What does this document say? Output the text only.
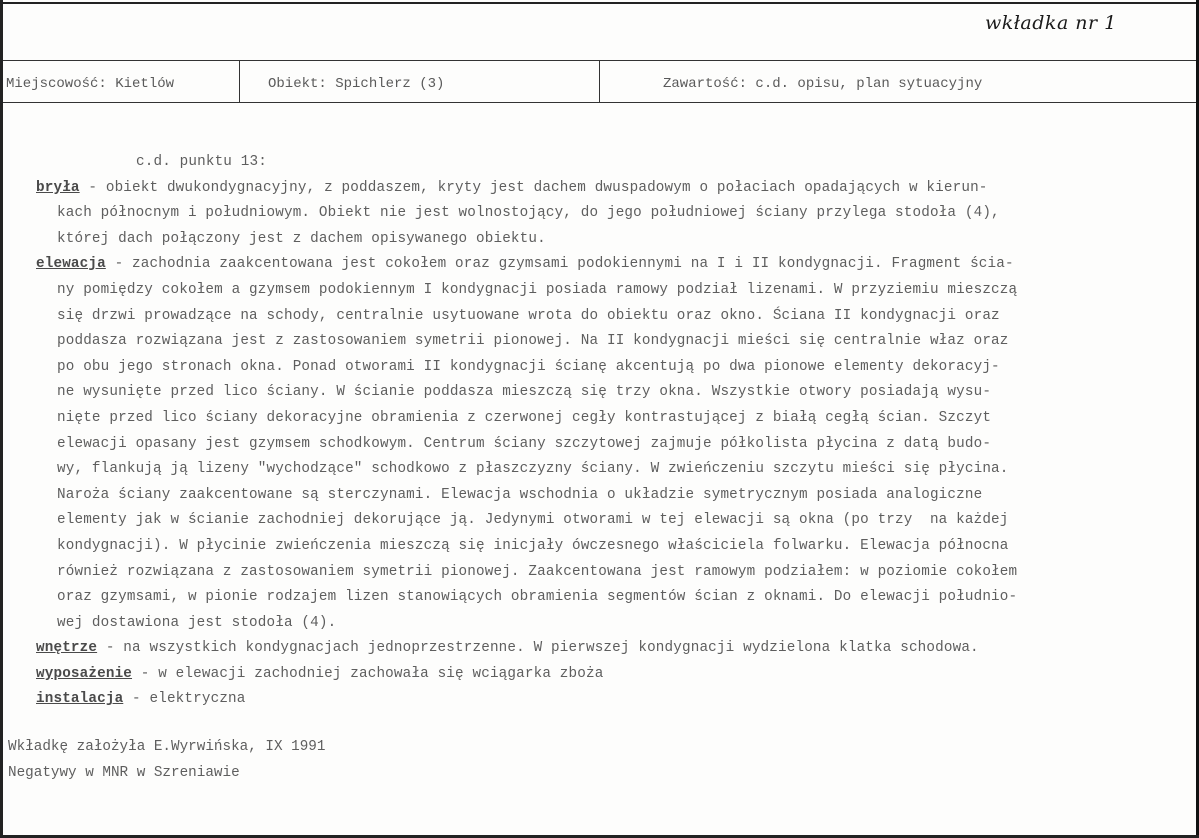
wkładka nr 1
Miejscowość: Kietlów	Obiekt: Spichlerz (3)	Zawartość: c.d. opisu, plan sytuacyjny
c.d. punktu 13:
bryła - obiekt dwukondygnacyjny, z poddaszem, kryty jest dachem dwuspadowym o połaciach opadających w kierun-
kach północnym i południowym. Obiekt nie jest wolnostojący, do jego południowej ściany przylega stodoła (4),
której dach połączony jest z dachem opisywanego obiektu.
elewacja - zachodnia zaakcentowana jest cokołem oraz gzymsami podokiennymi na I i II kondygnacji. Fragment ścia-
ny pomiędzy cokołem a gzymsem podokiennym I kondygnacji posiada ramowy podział lizenami. W przyziemiu mieszczą
się drzwi prowadzące na schody, centralnie usytuowane wrota do obiektu oraz okno. Ściana II kondygnacji oraz
poddasza rozwiązana jest z zastosowaniem symetrii pionowej. Na II kondygnacji mieści się centralnie właz oraz
po obu jego stronach okna. Ponad otworami II kondygnacji ścianę akcentują po dwa pionowe elementy dekoracyj-
ne wysunięte przed lico ściany. W ścianie poddasza mieszczą się trzy okna. Wszystkie otwory posiadają wysu-
nięte przed lico ściany dekoracyjne obramienia z czerwonej cegły kontrastującej z białą cegłą ścian. Szczyt
elewacji opasany jest gzymsem schodkowym. Centrum ściany szczytowej zajmuje półkolista płycina z datą budo-
wy, flankują ją lizeny "wychodzące" schodkowo z płaszczyzny ściany. W zwieńczeniu szczytu mieści się płycina.
Naroża ściany zaakcentowane są sterczynami. Elewacja wschodnia o układzie symetrycznym posiada analogiczne
elementy jak w ścianie zachodniej dekorujące ją. Jedynymi otworami w tej elewacji są okna (po trzy  na każdej
kondygnacji). W płycinie zwieńczenia mieszczą się inicjały ówczesnego właściciela folwarku. Elewacja północna
również rozwiązana z zastosowaniem symetrii pionowej. Zaakcentowana jest ramowym podziałem: w poziomie cokołem
oraz gzymsami, w pionie rodzajem lizen stanowiących obramienia segmentów ścian z oknami. Do elewacji południo-
wej dostawiona jest stodoła (4).
wnętrze - na wszystkich kondygnacjach jednoprzestrzenne. W pierwszej kondygnacji wydzielona klatka schodowa.
wyposażenie - w elewacji zachodniej zachowała się wciągarka zboża
instalacja - elektryczna
Wkładkę założyła E.Wyrwińska, IX 1991
Negatywy w MNR w Szreniawie
